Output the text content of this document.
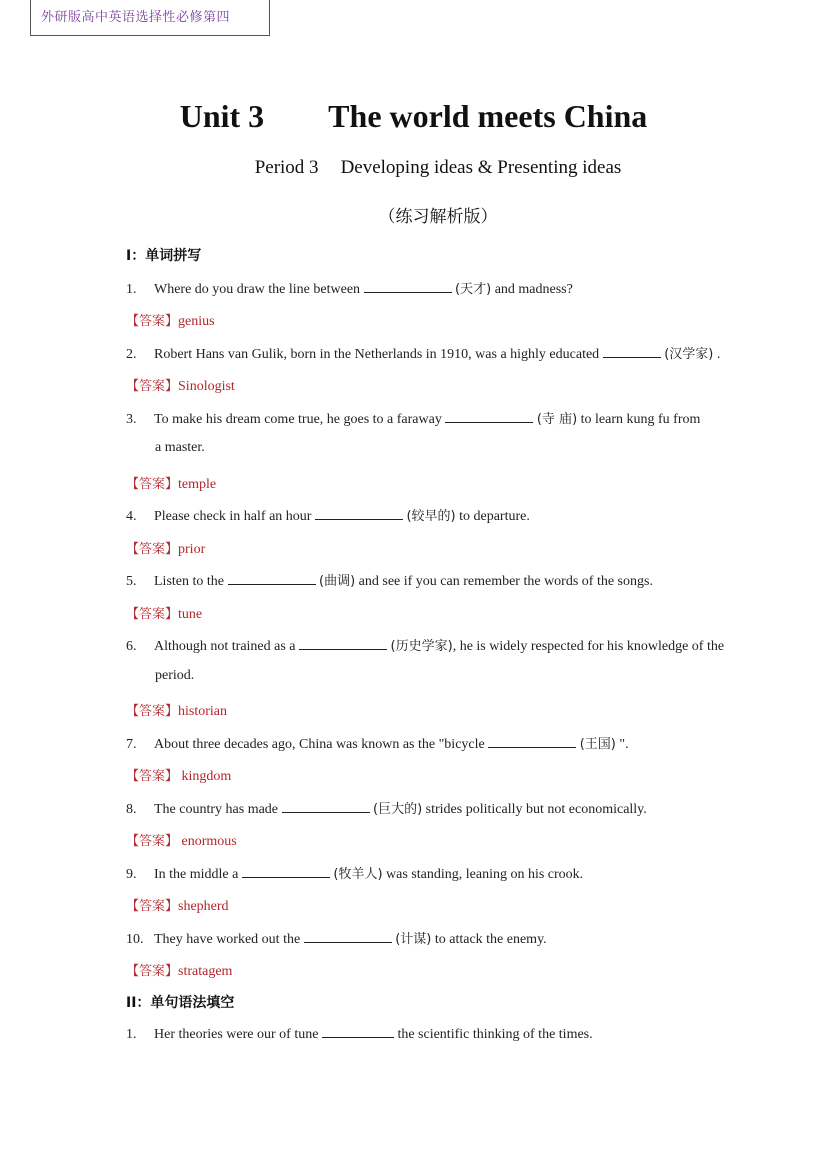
外研版高中英语选择性必修第四
Unit 3 The world meets China
Period 3 Developing ideas & Presenting ideas
（练习解析版）
I：单词拼写
1. Where do you draw the line between	(天才) and madness?
【答案】genius
2. Robert Hans van Gulik, born in the Netherlands in 1910, was a highly educated	(汉学家) .
【答案】Sinologist
3. To make his dream come true, he goes to a faraway	(寺 庙) to learn kung fu from
a master.
【答案】temple
4. Please check in half an hour	(较早的) to departure.
【答案】prior
5. Listen to the	(曲调) and see if you can remember the words of the songs.
【答案】tune
6. Although not trained as a	(历史学家), he is widely respected for his knowledge of the
period.
【答案】historian
7. About three decades ago, China was known as the "bicycle	(王国) ".
【答案】 kingdom
8. The country has made	(巨大的) strides politically but not economically.
【答案】 enormous
9. In the middle a	(牧羊人) was standing, leaning on his crook.
【答案】shepherd
10. They have worked out the	(计谋) to attack the enemy.
【答案】stratagem
II：单句语法填空
1. Her theories were our of tune	the scientific thinking of the times.
